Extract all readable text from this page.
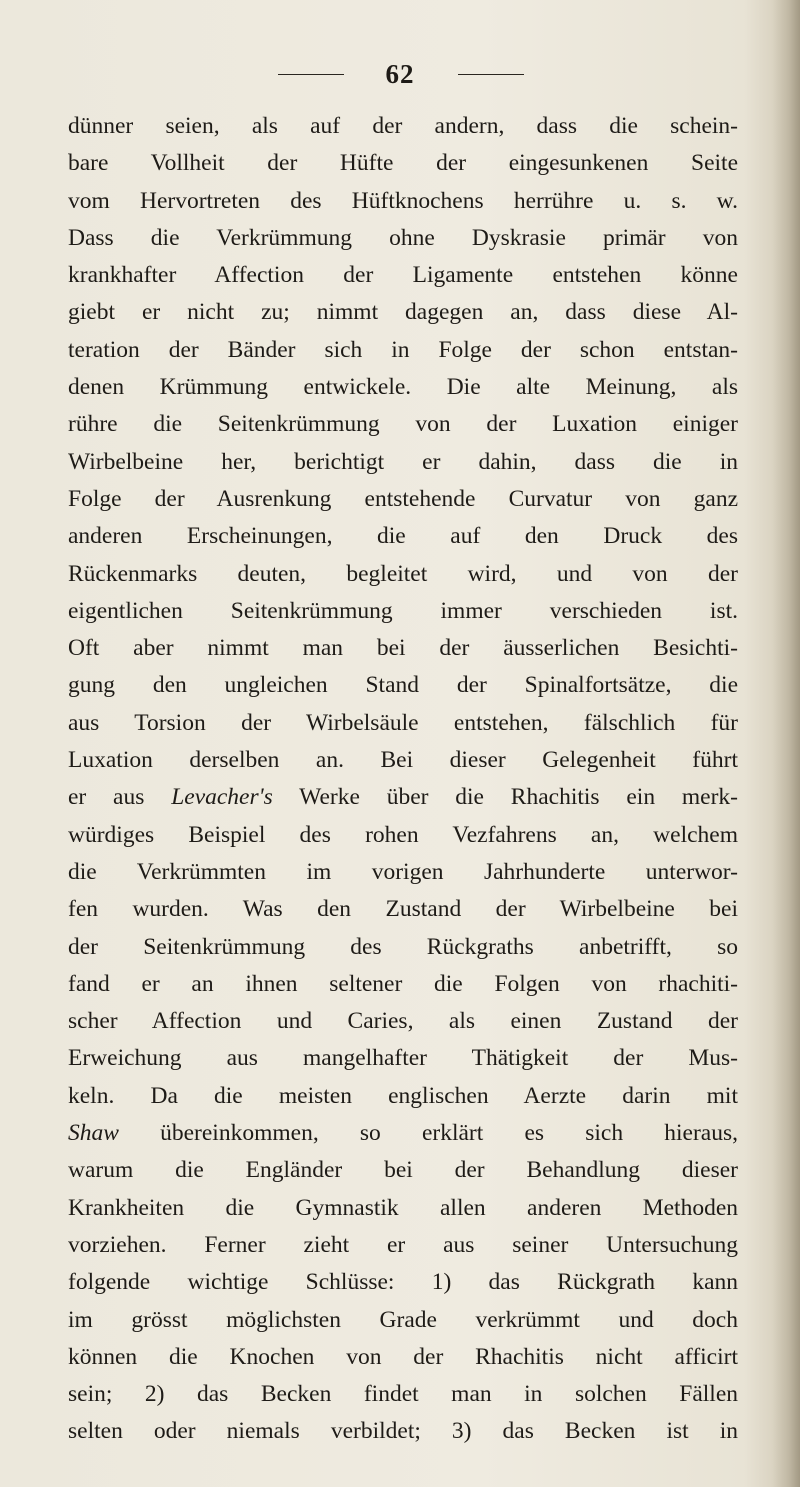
62
dünner seien, als auf der andern, dass die schein-
bare Vollheit der Hüfte der eingesunkenen Seite
vom Hervortreten des Hüftknochens herrühre u. s. w.
Dass die Verkrümmung ohne Dyskrasie primär von
krankhafter Affection der Ligamente entstehen könne
giebt er nicht zu; nimmt dagegen an, dass diese Al-
teration der Bänder sich in Folge der schon entstan-
denen Krümmung entwickele. Die alte Meinung, als
rühre die Seitenkrümmung von der Luxation einiger
Wirbelbeine her, berichtigt er dahin, dass die in
Folge der Ausrenkung entstehende Curvatur von ganz
anderen Erscheinungen, die auf den Druck des
Rückenmarks deuten, begleitet wird, und von der
eigentlichen Seitenkrümmung immer verschieden ist.
Oft aber nimmt man bei der äusserlichen Besichti-
gung den ungleichen Stand der Spinalfortsätze, die
aus Torsion der Wirbelsäule entstehen, fälschlich für
Luxation derselben an. Bei dieser Gelegenheit führt
er aus Levacher's Werke über die Rhachitis ein merk-
würdiges Beispiel des rohen Vezfahrens an, welchem
die Verkrümmten im vorigen Jahrhunderte unterwor-
fen wurden. Was den Zustand der Wirbelbeine bei
der Seitenkrümmung des Rückgraths anbetrifft, so
fand er an ihnen seltener die Folgen von rhachiti-
scher Affection und Caries, als einen Zustand der
Erweichung aus mangelhafter Thätigkeit der Mus-
keln. Da die meisten englischen Aerzte darin mit
Shaw übereinkommen, so erklärt es sich hieraus,
warum die Engländer bei der Behandlung dieser
Krankheiten die Gymnastik allen anderen Methoden
vorziehen. Ferner zieht er aus seiner Untersuchung
folgende wichtige Schlüsse: 1) das Rückgrath kann
im grösst möglichsten Grade verkrümmt und doch
können die Knochen von der Rhachitis nicht afficirt
sein; 2) das Becken findet man in solchen Fällen
selten oder niemals verbildet; 3) das Becken ist in
